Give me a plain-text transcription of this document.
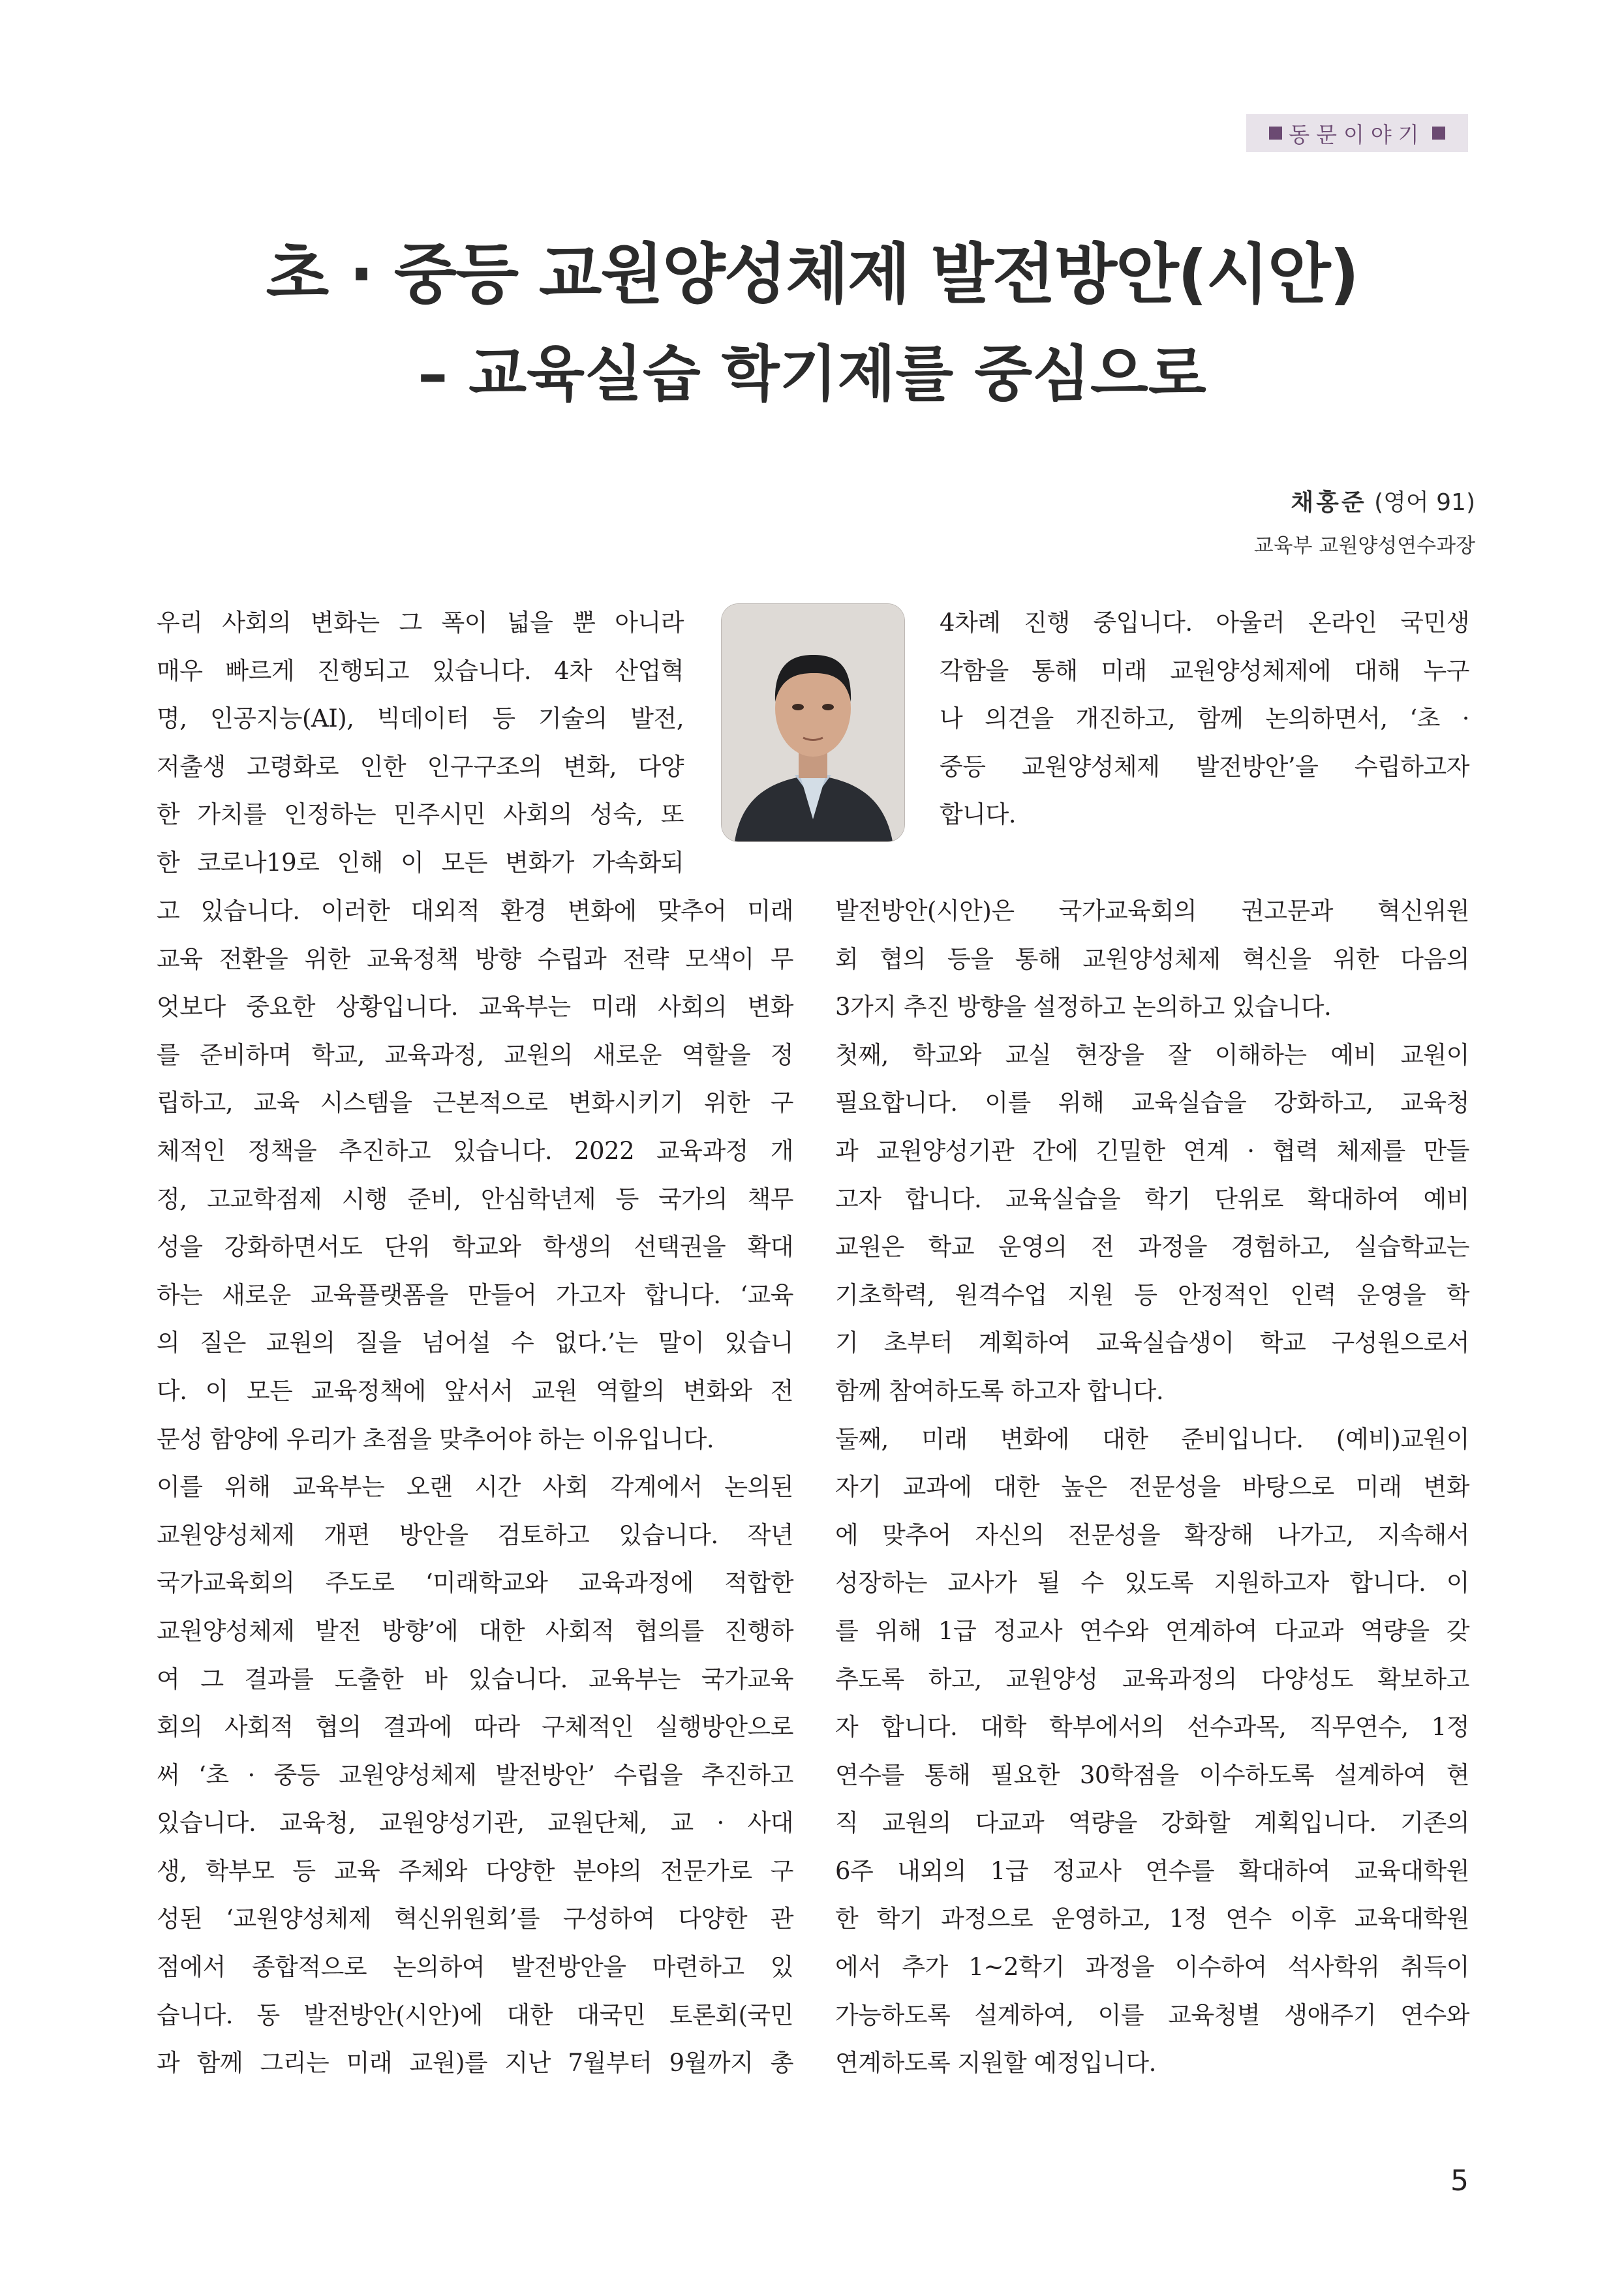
동문이야기
초 · 중등 교원양성체제 발전방안(시안)
– 교육실습 학기제를 중심으로
채홍준 (영어 91)
교육부 교원양성연수과장
우리 사회의 변화는 그 폭이 넓을 뿐 아니라
매우 빠르게 진행되고 있습니다. 4차 산업혁
명, 인공지능(AI), 빅데이터 등 기술의 발전,
저출생 고령화로 인한 인구구조의 변화, 다양
한 가치를 인정하는 민주시민 사회의 성숙, 또
한 코로나19로 인해 이 모든 변화가 가속화되
고 있습니다. 이러한 대외적 환경 변화에 맞추어 미래
교육 전환을 위한 교육정책 방향 수립과 전략 모색이 무
엇보다 중요한 상황입니다. 교육부는 미래 사회의 변화
를 준비하며 학교, 교육과정, 교원의 새로운 역할을 정
립하고, 교육 시스템을 근본적으로 변화시키기 위한 구
체적인 정책을 추진하고 있습니다. 2022 교육과정 개
정, 고교학점제 시행 준비, 안심학년제 등 국가의 책무
성을 강화하면서도 단위 학교와 학생의 선택권을 확대
하는 새로운 교육플랫폼을 만들어 가고자 합니다. ‘교육
의 질은 교원의 질을 넘어설 수 없다.’는 말이 있습니
다. 이 모든 교육정책에 앞서서 교원 역할의 변화와 전
문성 함양에 우리가 초점을 맞추어야 하는 이유입니다.
이를 위해 교육부는 오랜 시간 사회 각계에서 논의된
교원양성체제 개편 방안을 검토하고 있습니다. 작년
국가교육회의 주도로 ‘미래학교와 교육과정에 적합한
교원양성체제 발전 방향’에 대한 사회적 협의를 진행하
여 그 결과를 도출한 바 있습니다. 교육부는 국가교육
회의 사회적 협의 결과에 따라 구체적인 실행방안으로
써 ‘초 · 중등 교원양성체제 발전방안’ 수립을 추진하고
있습니다. 교육청, 교원양성기관, 교원단체, 교 · 사대
생, 학부모 등 교육 주체와 다양한 분야의 전문가로 구
성된 ‘교원양성체제 혁신위원회’를 구성하여 다양한 관
점에서 종합적으로 논의하여 발전방안을 마련하고 있
습니다. 동 발전방안(시안)에 대한 대국민 토론회(국민
과 함께 그리는 미래 교원)를 지난 7월부터 9월까지 총
4차례 진행 중입니다. 아울러 온라인 국민생
각함을 통해 미래 교원양성체제에 대해 누구
나 의견을 개진하고, 함께 논의하면서, ‘초 ·
중등 교원양성체제 발전방안’을 수립하고자
합니다.
발전방안(시안)은 국가교육회의 권고문과 혁신위원
회 협의 등을 통해 교원양성체제 혁신을 위한 다음의
3가지 추진 방향을 설정하고 논의하고 있습니다.
첫째, 학교와 교실 현장을 잘 이해하는 예비 교원이
필요합니다. 이를 위해 교육실습을 강화하고, 교육청
과 교원양성기관 간에 긴밀한 연계 · 협력 체제를 만들
고자 합니다. 교육실습을 학기 단위로 확대하여 예비
교원은 학교 운영의 전 과정을 경험하고, 실습학교는
기초학력, 원격수업 지원 등 안정적인 인력 운영을 학
기 초부터 계획하여 교육실습생이 학교 구성원으로서
함께 참여하도록 하고자 합니다.
둘째, 미래 변화에 대한 준비입니다. (예비)교원이
자기 교과에 대한 높은 전문성을 바탕으로 미래 변화
에 맞추어 자신의 전문성을 확장해 나가고, 지속해서
성장하는 교사가 될 수 있도록 지원하고자 합니다. 이
를 위해 1급 정교사 연수와 연계하여 다교과 역량을 갖
추도록 하고, 교원양성 교육과정의 다양성도 확보하고
자 합니다. 대학 학부에서의 선수과목, 직무연수, 1정
연수를 통해 필요한 30학점을 이수하도록 설계하여 현
직 교원의 다교과 역량을 강화할 계획입니다. 기존의
6주 내외의 1급 정교사 연수를 확대하여 교육대학원
한 학기 과정으로 운영하고, 1정 연수 이후 교육대학원
에서 추가 1~2학기 과정을 이수하여 석사학위 취득이
가능하도록 설계하여, 이를 교육청별 생애주기 연수와
연계하도록 지원할 예정입니다.
5
